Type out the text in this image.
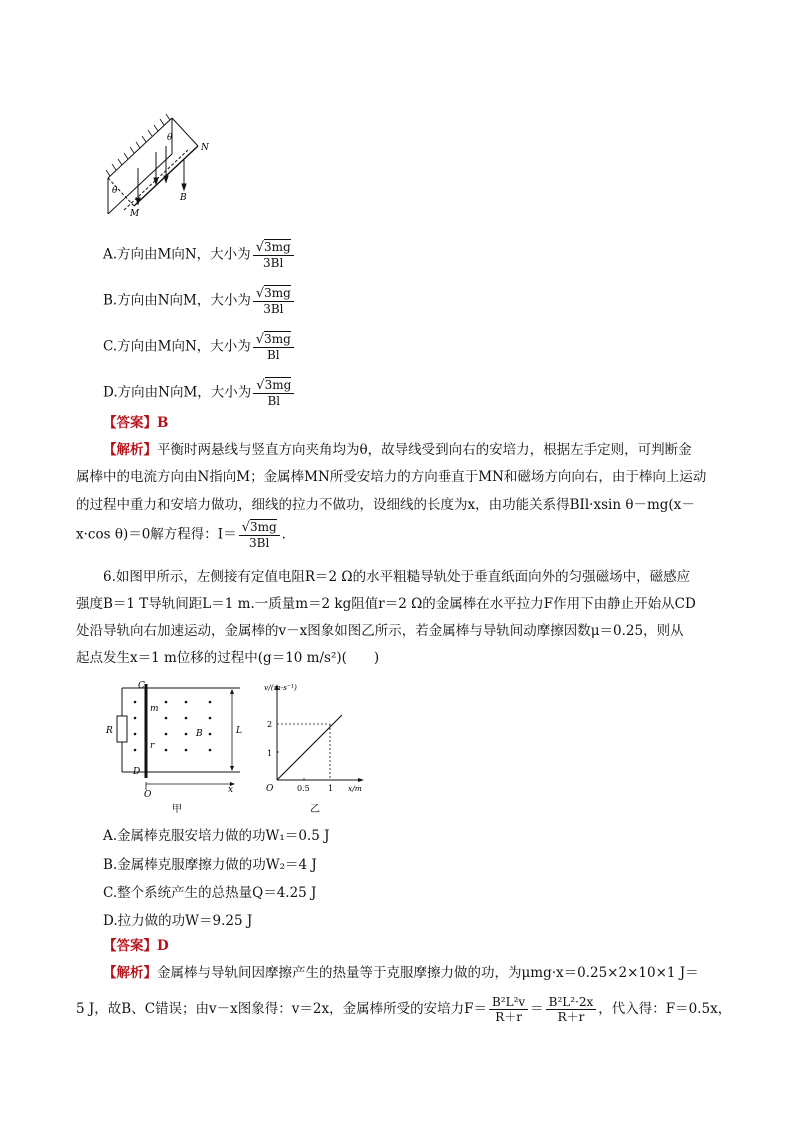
θ
θ
M
N
B
A.方向由M向N，大小为 $\frac{√3mg}{3Bl}$
B.方向由N向M，大小为 $\frac{√3mg}{3Bl}$
C.方向由M向N，大小为 $\frac{√3mg}{Bl}$
D.方向由N向M，大小为 $\frac{√3mg}{Bl}$
【答案】B
【解析】平衡时两悬线与竖直方向夹角均为θ，故导线受到向右的安培力，根据左手定则，可判断金
属棒中的电流方向由N指向M；金属棒MN所受安培力的方向垂直于MN和磁场方向向右，由于棒向上运动
的过程中重力和安培力做功，细线的拉力不做功，设细线的长度为x，由功能关系得BIl·xsin θ－mg(x－
x·cos θ)＝0解方程得：$I= \frac{√3mg}{3Bl}$ .
6.如图甲所示，左侧接有定值电阻R＝2 Ω的水平粗糙导轨处于垂直纸面向外的匀强磁场中，磁感应
强度B＝1 T导轨间距L＝1 m.一质量m＝2 kg阻值r＝2 Ω的金属棒在水平拉力F作用下由静止开始从CD
处沿导轨向右加速运动，金属棒的v－x图象如图乙所示，若金属棒与导轨间动摩擦因数μ＝0.25，则从
起点发生x＝1 m位移的过程中(g＝10 m/s²)(　　)
C
D
R
m
r
B	L
O	x
甲
v/(m·s⁻¹)
1
2
0.5 1
O	x/m
乙
A.金属棒克服安培力做的功W₁＝0.5 J
B.金属棒克服摩擦力做的功W₂＝4 J
C.整个系统产生的总热量Q＝4.25 J
D.拉力做的功W＝9.25 J
【答案】D
【解析】金属棒与导轨间因摩擦产生的热量等于克服摩擦力做的功，为μmg·x＝0.25×2×10×1 J＝
5 J，故B、C错误；由v－x图象得：v＝2x，金属棒所受的安培力$F= \frac{\text{B²L²v}}{R+r} = \frac{\text{B²L²·2x}}{R+r}$ ，代入得：F＝0.5x，
